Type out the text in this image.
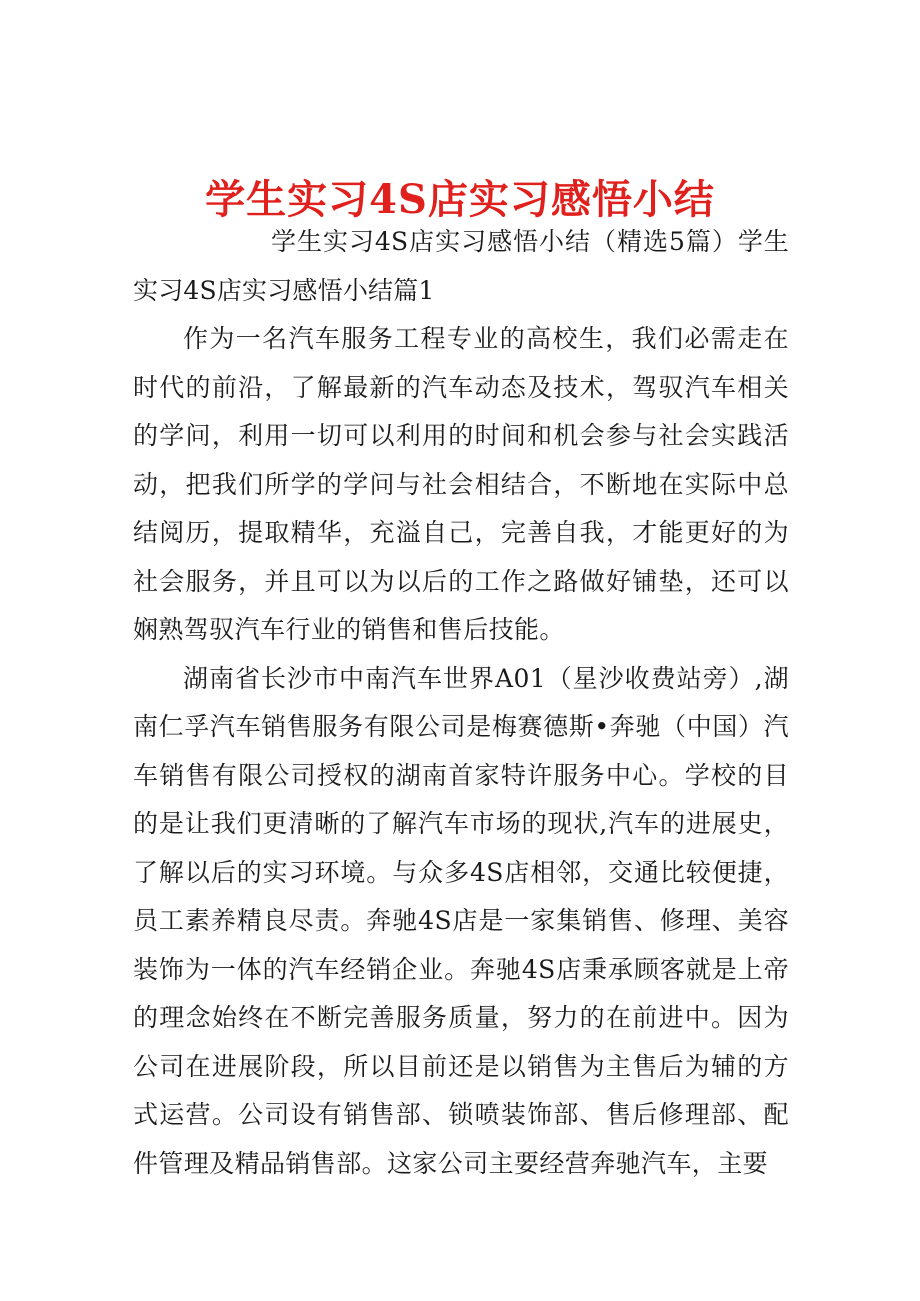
学生实习4S店实习感悟小结

学生实习4S店实习感悟小结（精选5篇）学生实习4S店实习感悟小结篇1

作为一名汽车服务工程专业的高校生，我们必需走在时代的前沿，了解最新的汽车动态及技术，驾驭汽车相关的学问，利用一切可以利用的时间和机会参与社会实践活动，把我们所学的学问与社会相结合，不断地在实际中总结阅历，提取精华，充溢自己，完善自我，才能更好的为社会服务，并且可以为以后的工作之路做好铺垫，还可以娴熟驾驭汽车行业的销售和售后技能。

湖南省长沙市中南汽车世界A01（星沙收费站旁）,湖南仁孚汽车销售服务有限公司是梅赛德斯•奔驰（中国）汽车销售有限公司授权的湖南首家特许服务中心。学校的目的是让我们更清晰的了解汽车市场的现状,汽车的进展史，了解以后的实习环境。与众多4S店相邻，交通比较便捷，员工素养精良尽责。奔驰4S店是一家集销售、修理、美容装饰为一体的汽车经销企业。奔驰4S店秉承顾客就是上帝的理念始终在不断完善服务质量，努力的在前进中。因为公司在进展阶段，所以目前还是以销售为主售后为辅的方式运营。公司设有销售部、锁喷装饰部、售后修理部、配件管理及精品销售部。这家公司主要经营奔驰汽车，主要
